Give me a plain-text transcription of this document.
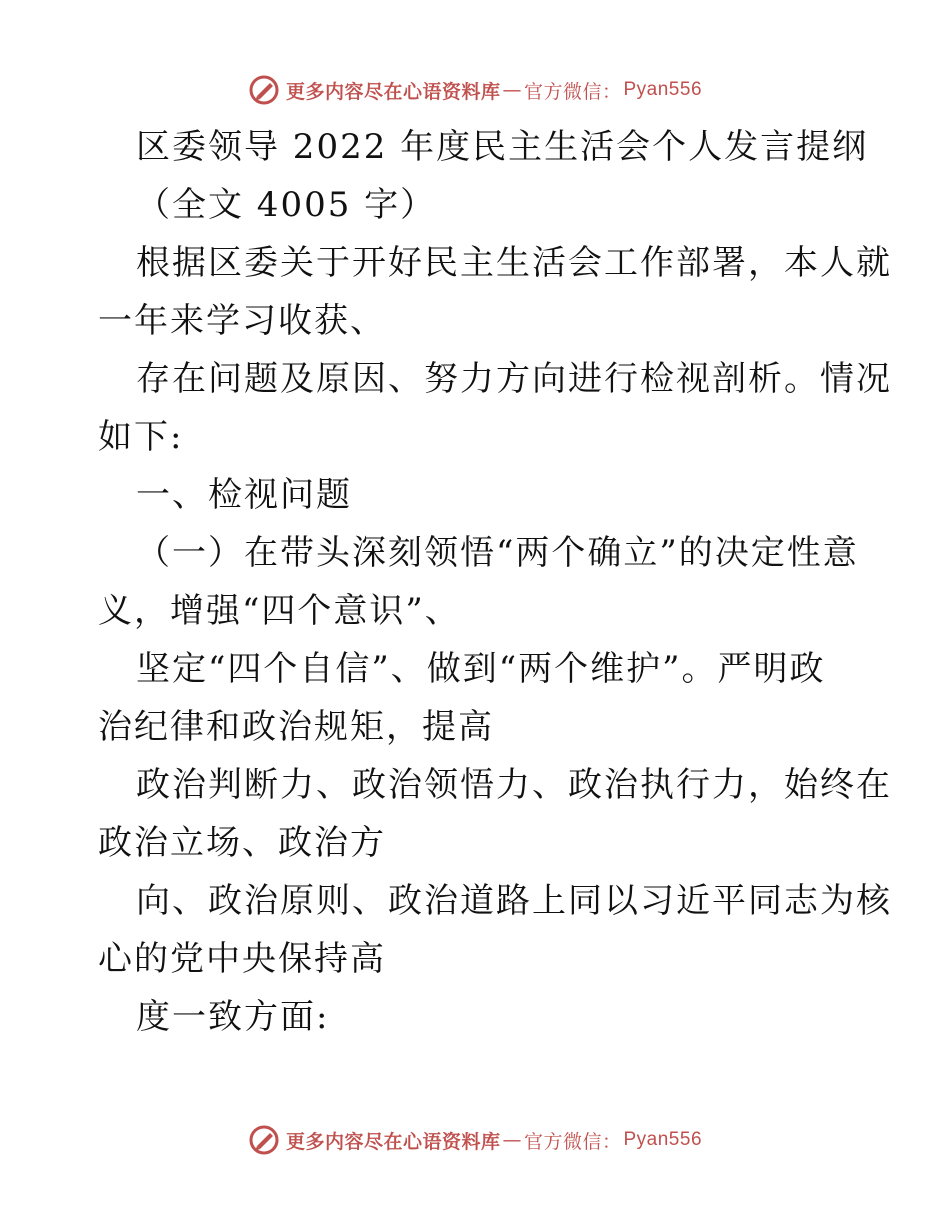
更多内容尽在心语资料库 — 官方微信： Pyan556
区委领导 2022 年度民主生活会个人发言提纲
（全文 4005 字）
根据区委关于开好民主生活会工作部署，本人就
一年来学习收获、
存在问题及原因、努力方向进行检视剖析。情况
如下:
一、检视问题
（一）在带头深刻领悟“两个确立”的决定性意
义，增强“四个意识”、
坚定“四个自信”、做到“两个维护”。严明政
治纪律和政治规矩，提高
政治判断力、政治领悟力、政治执行力，始终在
政治立场、政治方
向、政治原则、政治道路上同以习近平同志为核
心的党中央保持高
度一致方面:
更多内容尽在心语资料库 — 官方微信： Pyan556
